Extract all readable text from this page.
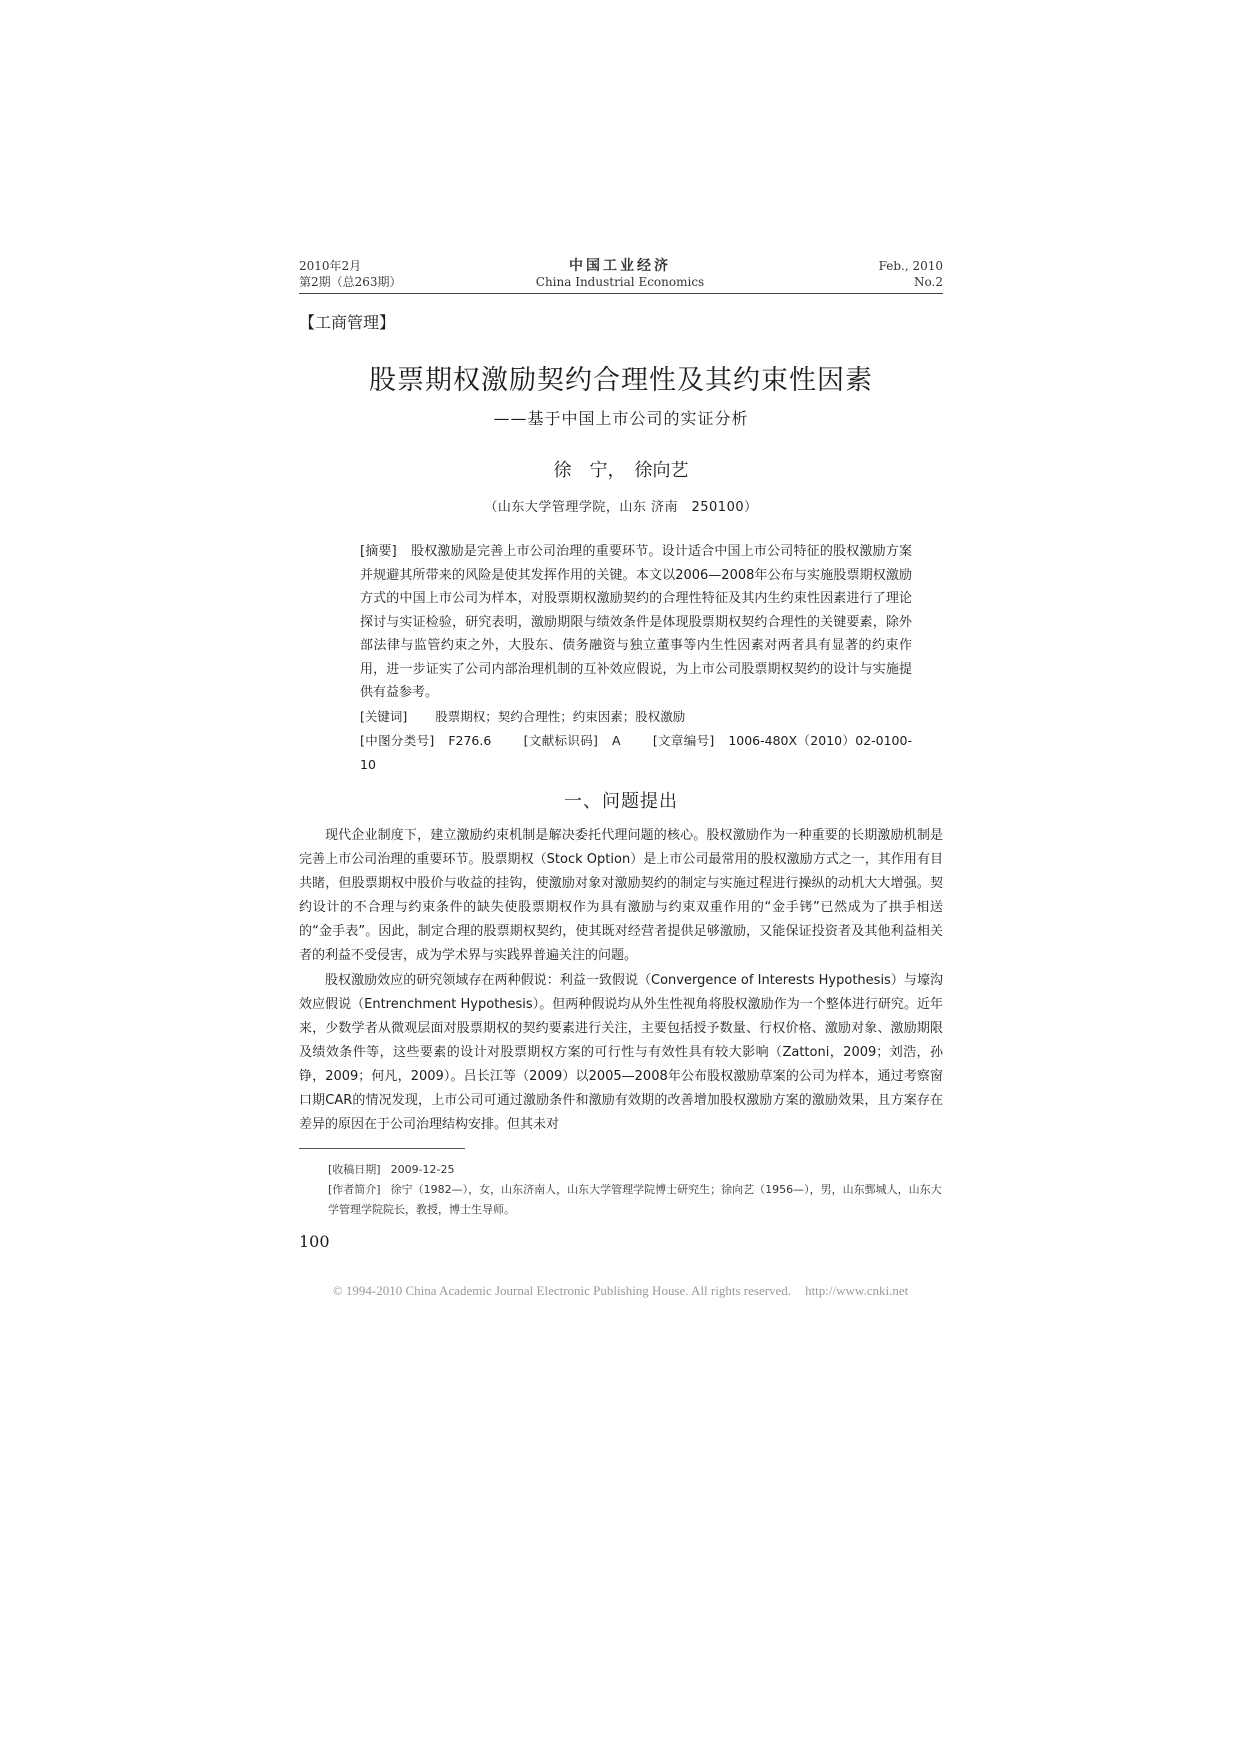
2010年2月
第2期（总263期）
中国工业经济
China Industrial Economics
Feb., 2010
No.2
【工商管理】
股票期权激励契约合理性及其约束性因素
——基于中国上市公司的实证分析
徐　宁，　徐向艺
（山东大学管理学院，山东 济南　250100）

[摘要] 股权激励是完善上市公司治理的重要环节。设计适合中国上市公司特征的股权激励方案并规避其所带来的风险是使其发挥作用的关键。本文以2006—2008年公布与实施股票期权激励方式的中国上市公司为样本，对股票期权激励契约的合理性特征及其内生约束性因素进行了理论探讨与实证检验，研究表明，激励期限与绩效条件是体现股票期权契约合理性的关键要素，除外部法律与监管约束之外，大股东、债务融资与独立董事等内生性因素对两者具有显著的约束作用，进一步证实了公司内部治理机制的互补效应假说，为上市公司股票期权契约的设计与实施提供有益参考。

[关键词] 股票期权；契约合理性；约束因素；股权激励

[中图分类号] F276.6	[文献标识码] A	[文章编号] 1006-480X（2010）02-0100-10

一、问题提出

现代企业制度下，建立激励约束机制是解决委托代理问题的核心。股权激励作为一种重要的长期激励机制是完善上市公司治理的重要环节。股票期权（Stock Option）是上市公司最常用的股权激励方式之一，其作用有目共睹，但股票期权中股价与收益的挂钩，使激励对象对激励契约的制定与实施过程进行操纵的动机大大增强。契约设计的不合理与约束条件的缺失使股票期权作为具有激励与约束双重作用的“金手铐”已然成为了拱手相送的“金手表”。因此，制定合理的股票期权契约，使其既对经营者提供足够激励，又能保证投资者及其他利益相关者的利益不受侵害，成为学术界与实践界普遍关注的问题。

股权激励效应的研究领域存在两种假说：利益一致假说（Convergence of Interests Hypothesis）与壕沟效应假说（Entrenchment Hypothesis）。但两种假说均从外生性视角将股权激励作为一个整体进行研究。近年来，少数学者从微观层面对股票期权的契约要素进行关注，主要包括授予数量、行权价格、激励对象、激励期限及绩效条件等，这些要素的设计对股票期权方案的可行性与有效性具有较大影响（Zattoni，2009；刘浩，孙铮，2009；何凡，2009）。吕长江等（2009）以2005—2008年公布股权激励草案的公司为样本，通过考察窗口期CAR的情况发现，上市公司可通过激励条件和激励有效期的改善增加股权激励方案的激励效果，且方案存在差异的原因在于公司治理结构安排。但其未对

[收稿日期] 2009-12-25

[作者简介] 徐宁（1982—），女，山东济南人，山东大学管理学院博士研究生；徐向艺（1956—），男，山东鄄城人，山东大学管理学院院长，教授，博士生导师。

100
© 1994-2010 China Academic Journal Electronic Publishing House. All rights reserved. http://www.cnki.net
